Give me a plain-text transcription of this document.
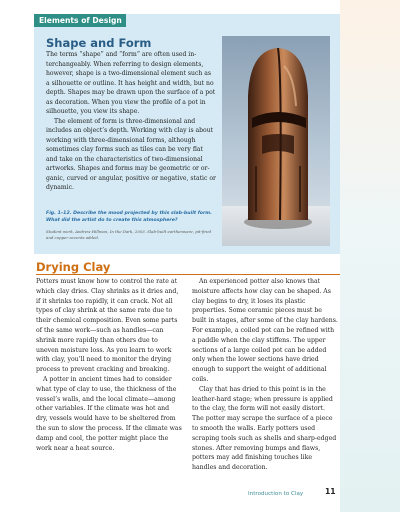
Elements of Design
Shape and Form

The terms “shape” and “form” are often used interchangeably. When referring to design elements, however, shape is a two-dimensional element such as a silhouette or outline. It has height and width, but no depth. Shapes may be drawn upon the surface of a pot as decoration. When you view the profile of a pot in silhouette, you view its shape.

The element of form is three-dimensional and includes an object’s depth. Working with clay is about working with three-dimensional forms, although sometimes clay forms such as tiles can be very flat and take on the characteristics of two-dimensional artworks. Shapes and forms may be geometric or organic, curved or angular, positive or negative, static or dynamic.

Fig. 1–12. Describe the mood projected by this slab-built form. What did the artist do to create this atmosphere?

Student work, Andrew Hillman, In the Dark, 2003. Slab-built earthenware, pit-fired and copper accents added.

Drying Clay

Potters must know how to control the rate at which clay dries. Clay shrinks as it dries and, if it shrinks too rapidly, it can crack. Not all types of clay shrink at the same rate due to their chemical composition. Even some parts of the same work—such as handles—can shrink more rapidly than others due to uneven moisture loss. As you learn to work with clay, you’ll need to monitor the drying process to prevent cracking and breaking.

A potter in ancient times had to consider what type of clay to use, the thickness of the vessel’s walls, and the local climate—among other variables. If the climate was hot and dry, vessels would have to be sheltered from the sun to slow the process. If the climate was damp and cool, the potter might place the work near a heat source.

An experienced potter also knows that moisture affects how clay can be shaped. As clay begins to dry, it loses its plastic properties. Some ceramic pieces must be built in stages, after some of the clay hardens. For example, a coiled pot can be refined with a paddle when the clay stiffens. The upper sections of a large coiled pot can be added only when the lower sections have dried enough to support the weight of additional coils.

Clay that has dried to this point is in the leather-hard stage; when pressure is applied to the clay, the form will not easily distort. The potter may scrape the surface of a piece to smooth the walls. Early potters used scraping tools such as shells and sharp-edged stones. After removing bumps and flaws, potters may add finishing touches like handles and decoration.

Introduction to Clay	11
